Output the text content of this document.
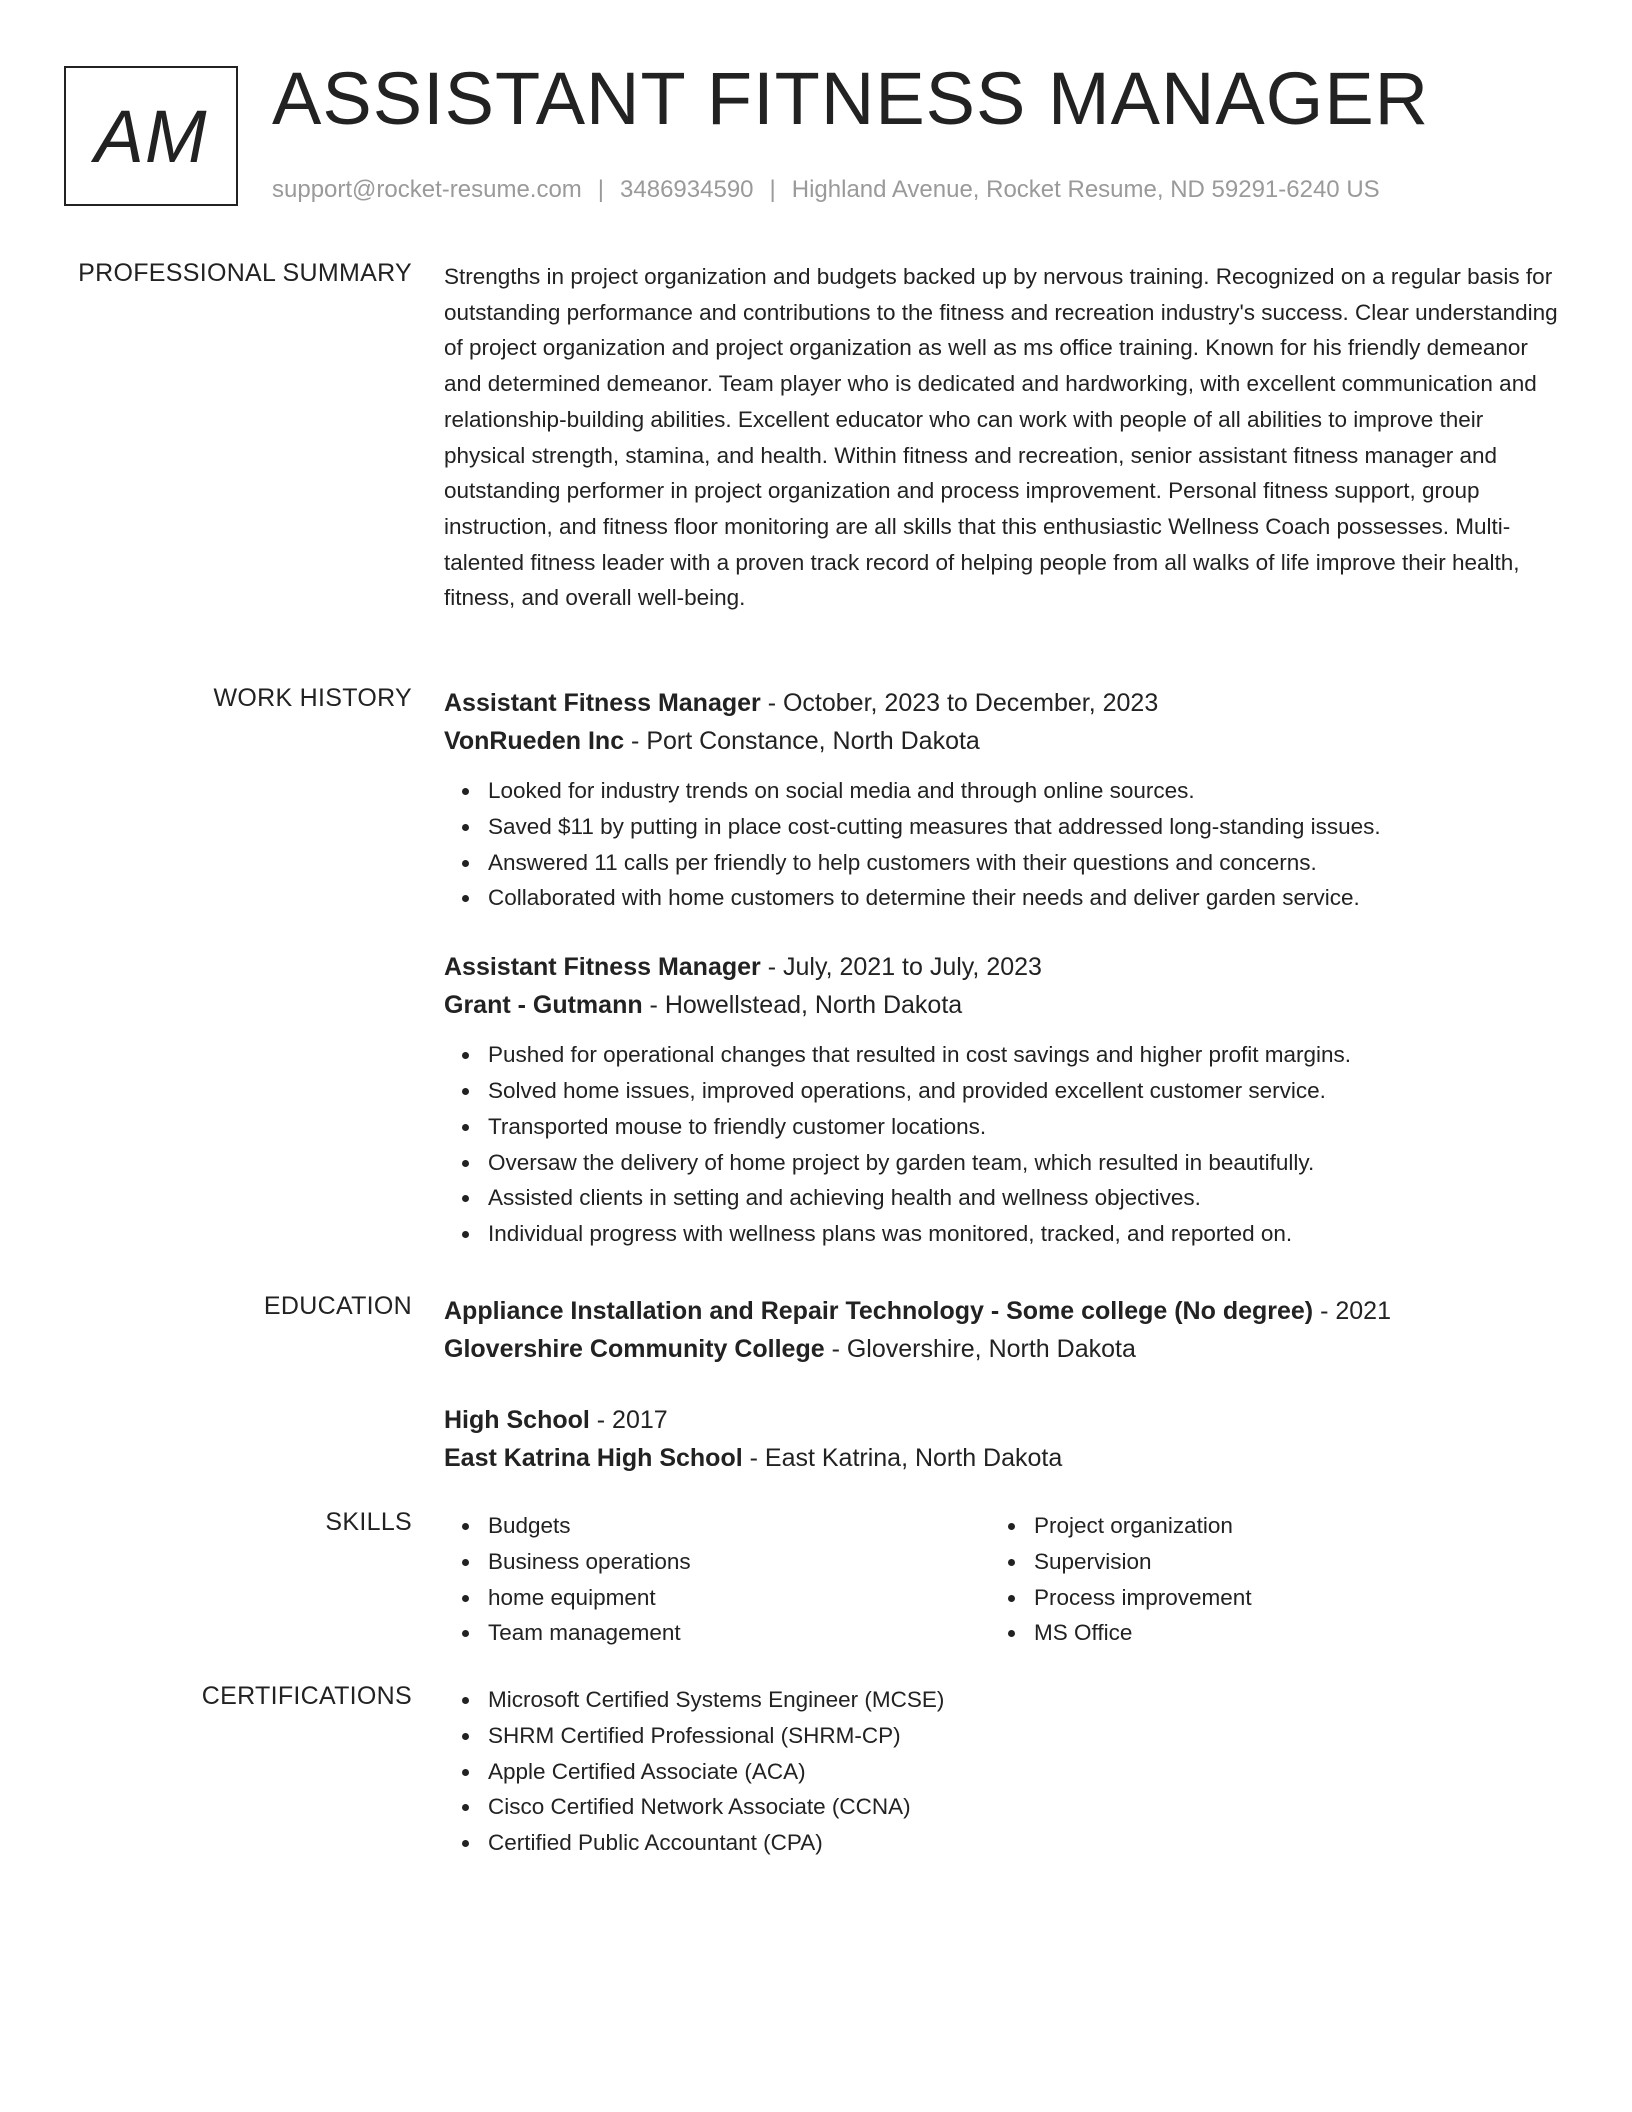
AM ASSISTANT FITNESS MANAGER
support@rocket-resume.com | 3486934590 | Highland Avenue, Rocket Resume, ND 59291-6240 US
PROFESSIONAL SUMMARY Strengths in project organization and budgets backed up by nervous training. Recognized on a regular basis for outstanding performance and contributions to the fitness and recreation industry's success. Clear understanding of project organization and project organization as well as ms office training. Known for his friendly demeanor and determined demeanor. Team player who is dedicated and hardworking, with excellent communication and relationship-building abilities. Excellent educator who can work with people of all abilities to improve their physical strength, stamina, and health. Within fitness and recreation, senior assistant fitness manager and outstanding performer in project organization and process improvement. Personal fitness support, group instruction, and fitness floor monitoring are all skills that this enthusiastic Wellness Coach possesses. Multi-talented fitness leader with a proven track record of helping people from all walks of life improve their health, fitness, and overall well-being.

WORK HISTORY Assistant Fitness Manager - October, 2023 to December, 2023
VonRueden Inc - Port Constance, North Dakota
Looked for industry trends on social media and through online sources.
Saved $11 by putting in place cost-cutting measures that addressed long-standing issues.
Answered 11 calls per friendly to help customers with their questions and concerns.
Collaborated with home customers to determine their needs and deliver garden service.
Assistant Fitness Manager - July, 2021 to July, 2023
Grant - Gutmann - Howellstead, North Dakota
Pushed for operational changes that resulted in cost savings and higher profit margins.
Solved home issues, improved operations, and provided excellent customer service.
Transported mouse to friendly customer locations.
Oversaw the delivery of home project by garden team, which resulted in beautifully.
Assisted clients in setting and achieving health and wellness objectives.
Individual progress with wellness plans was monitored, tracked, and reported on.
EDUCATION Appliance Installation and Repair Technology - Some college (No degree) - 2021
Glovershire Community College - Glovershire, North Dakota
High School - 2017
East Katrina High School - East Katrina, North Dakota
SKILLS	Budgets
Business operations
home equipment
Team management
Project organization
Supervision
Process improvement
MS Office
CERTIFICATIONS	Microsoft Certified Systems Engineer (MCSE)
SHRM Certified Professional (SHRM-CP)
Apple Certified Associate (ACA)
Cisco Certified Network Associate (CCNA)
Certified Public Accountant (CPA)
